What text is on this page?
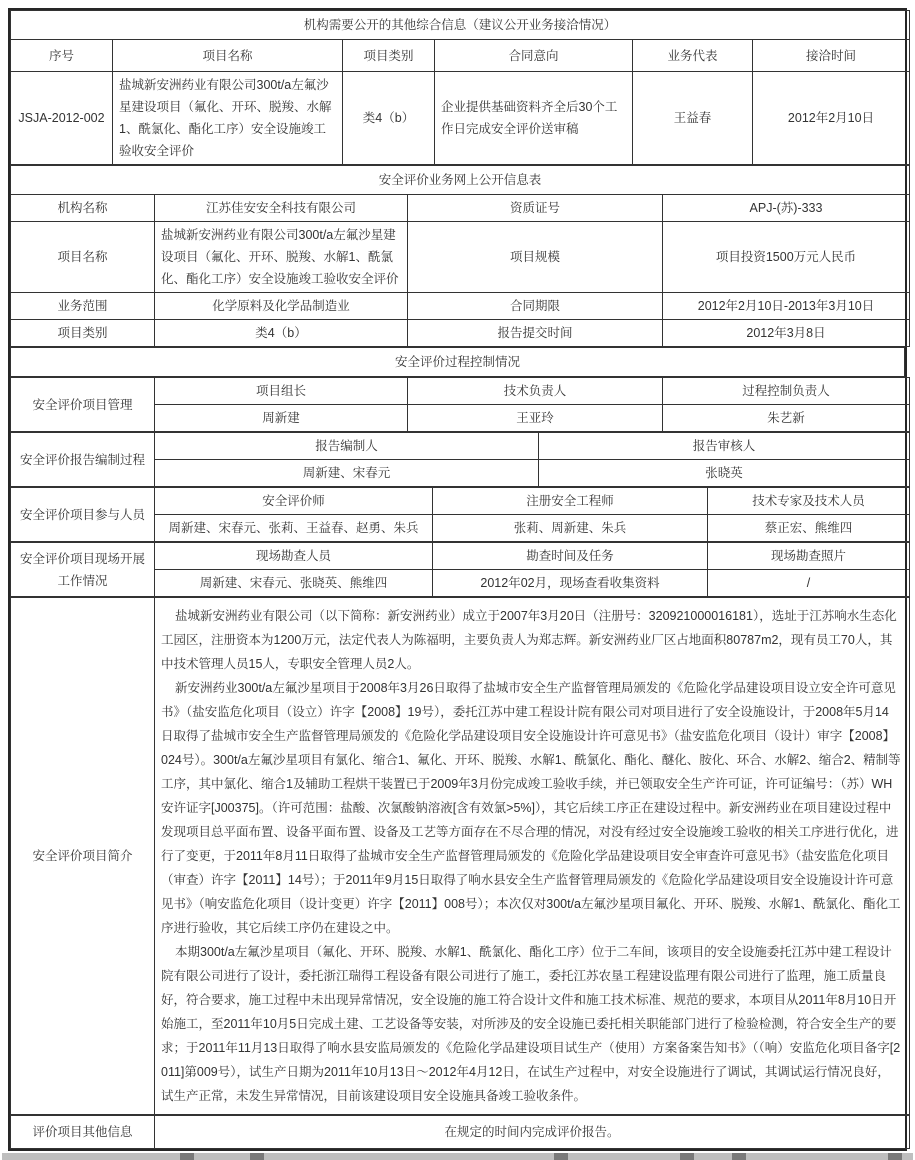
机构需要公开的其他综合信息（建议公开业务接洽情况）					
序号	项目名称	项目类别	合同意向	业务代表	接洽时间
JSJA-2012-002	盐城新安洲药业有限公司300t/a左氟沙星建设项目（氟化、开环、脱羧、水解1、酰氯化、酯化工序）安全设施竣工验收安全评价	类4（b）	企业提供基础资料齐全后30个工作日完成安全评价送审稿	王益春	2012年2月10日
安全评价业务网上公开信息表			
机构名称	江苏佳安安全科技有限公司	资质证号	APJ-(苏)-333
项目名称	盐城新安洲药业有限公司300t/a左氟沙星建设项目（氟化、开环、脱羧、水解1、酰氯化、酯化工序）安全设施竣工验收安全评价	项目规模	项目投资1500万元人民币
业务范围	化学原料及化学品制造业	合同期限	2012年2月10日-2013年3月10日
项目类别	类4（b）	报告提交时间	2012年3月8日
安全评价过程控制情况
安全评价项目管理	项目组长	技术负责人	过程控制负责人
	周新建	王亚玲	朱艺新
安全评价报告编制过程	报告编制人	报告审核人
	周新建、宋春元	张晓英
安全评价项目参与人员	安全评价师	注册安全工程师	技术专家及技术人员
	周新建、宋春元、张莉、王益春、赵勇、朱兵	张莉、周新建、朱兵	蔡正宏、熊维四
安全评价项目现场开展工作情况	现场勘查人员	勘查时间及任务	现场勘查照片
	周新建、宋春元、张晓英、熊维四	2012年02月，现场查看收集资料	/
安全评价项目简介	

盐城新安洲药业有限公司（以下简称：新安洲药业）成立于2007年3月20日（注册号：320921000016181），选址于江苏响水生态化工园区，注册资本为1200万元，法定代表人为陈福明，主要负责人为郑志辉。新安洲药业厂区占地面积80787m2，现有员工70人，其中技术管理人员15人，专职安全管理人员2人。

新安洲药业300t/a左氟沙星项目于2008年3月26日取得了盐城市安全生产监督管理局颁发的《危险化学品建设项目设立安全许可意见书》（盐安监危化项目（设立）许字【2008】19号），委托江苏中建工程设计院有限公司对项目进行了安全设施设计，于2008年5月14日取得了盐城市安全生产监督管理局颁发的《危险化学品建设项目安全设施设计许可意见书》（盐安监危化项目（设计）审字【2008】024号）。300t/a左氟沙星项目有氯化、缩合1、氟化、开环、脱羧、水解1、酰氯化、酯化、醚化、胺化、环合、水解2、缩合2、精制等工序，其中氯化、缩合1及辅助工程烘干装置已于2009年3月份完成竣工验收手续，并已领取安全生产许可证，许可证编号：（苏）WH安许证字[J00375]。（许可范围：盐酸、次氯酸钠溶液[含有效氯>5%]），其它后续工序正在建设过程中。新安洲药业在项目建设过程中发现项目总平面布置、设备平面布置、设备及工艺等方面存在不尽合理的情况，对没有经过安全设施竣工验收的相关工序进行优化，进行了变更，于2011年8月11日取得了盐城市安全生产监督管理局颁发的《危险化学品建设项目安全审查许可意见书》（盐安监危化项目（审查）许字【2011】14号）；于2011年9月15日取得了响水县安全生产监督管理局颁发的《危险化学品建设项目安全设施设计许可意见书》（响安监危化项目（设计变更）许字【2011】008号）；本次仅对300t/a左氟沙星项目氟化、开环、脱羧、水解1、酰氯化、酯化工序进行验收，其它后续工序仍在建设之中。

本期300t/a左氟沙星项目（氟化、开环、脱羧、水解1、酰氯化、酯化工序）位于二车间，该项目的安全设施委托江苏中建工程设计院有限公司进行了设计，委托浙江瑞得工程设备有限公司进行了施工，委托江苏农垦工程建设监理有限公司进行了监理，施工质量良好，符合要求，施工过程中未出现异常情况，安全设施的施工符合设计文件和施工技术标准、规范的要求，本项目从2011年8月10日开始施工，至2011年10月5日完成土建、工艺设备等安装，对所涉及的安全设施已委托相关职能部门进行了检验检测，符合安全生产的要求；于2011年11月13日取得了响水县安监局颁发的《危险化学品建设项目试生产（使用）方案备案告知书》（（响）安监危化项目备字[2011]第009号），试生产日期为2011年10月13日～2012年4月12日，在试生产过程中，对安全设施进行了调试，其调试运行情况良好，试生产正常，未发生异常情况，目前该建设项目安全设施具备竣工验收条件。

评价项目其他信息	在规定的时间内完成评价报告。
